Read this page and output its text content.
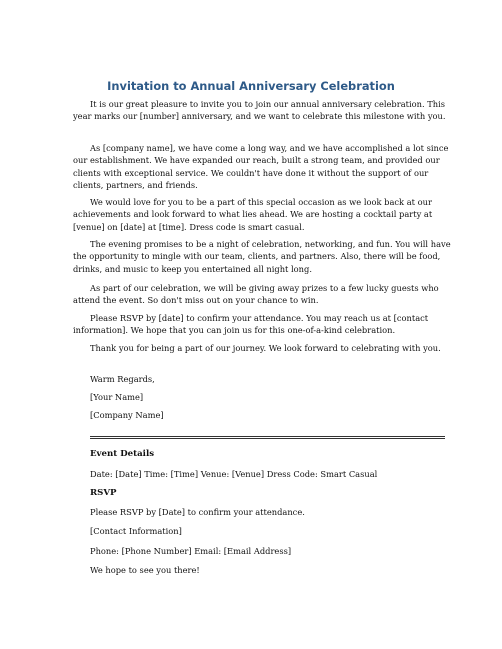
Invitation to Annual Anniversary Celebration

It is our great pleasure to invite you to join our annual anniversary celebration. This year marks our [number] anniversary, and we want to celebrate this milestone with you.

As [company name], we have come a long way, and we have accomplished a lot since our establishment. We have expanded our reach, built a strong team, and provided our clients with exceptional service. We couldn't have done it without the support of our clients, partners, and friends.

We would love for you to be a part of this special occasion as we look back at our achievements and look forward to what lies ahead. We are hosting a cocktail party at [venue] on [date] at [time]. Dress code is smart casual.

The evening promises to be a night of celebration, networking, and fun. You will have the opportunity to mingle with our team, clients, and partners. Also, there will be food, drinks, and music to keep you entertained all night long.

As part of our celebration, we will be giving away prizes to a few lucky guests who attend the event. So don't miss out on your chance to win.

Please RSVP by [date] to confirm your attendance. You may reach us at [contact information]. We hope that you can join us for this one-of-a-kind celebration.

Thank you for being a part of our journey. We look forward to celebrating with you.

Warm Regards,

[Your Name]

[Company Name]

Event Details

Date: [Date] Time: [Time] Venue: [Venue] Dress Code: Smart Casual

RSVP

Please RSVP by [Date] to confirm your attendance.

[Contact Information]

Phone: [Phone Number] Email: [Email Address]

We hope to see you there!
